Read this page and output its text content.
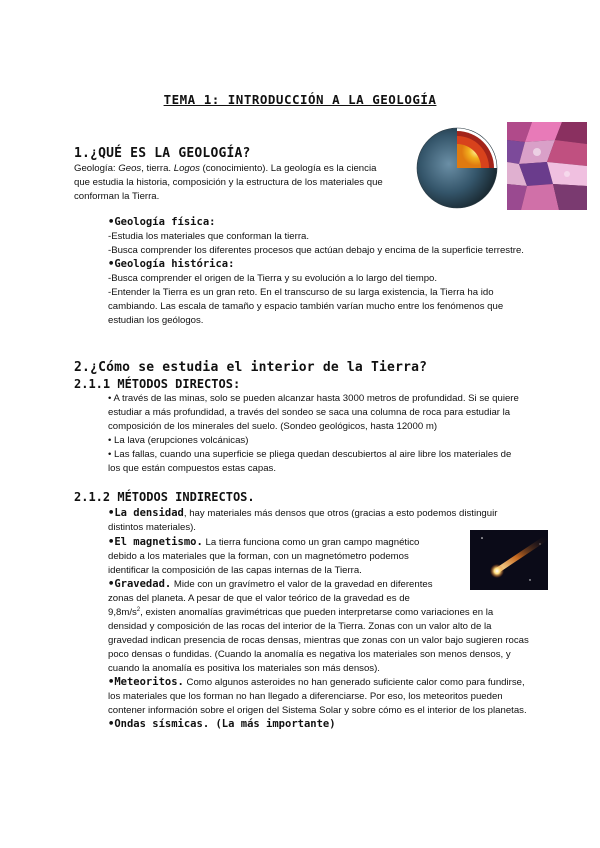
TEMA 1: INTRODUCCIÓN A LA GEOLOGÍA
1.¿QUÉ ES LA GEOLOGÍA?

Geología: Geos, tierra. Logos (conocimiento). La geología es la ciencia

que estudia la historia, composición y la estructura de los materiales que

conforman la Tierra.

•Geología física:

-Estudia los materiales que conforman la tierra.

-Busca comprender los diferentes procesos que actúan debajo y encima de la superficie terrestre.

•Geología histórica:

-Busca comprender el origen de la Tierra y su evolución a lo largo del tiempo.

-Entender la Tierra es un gran reto. En el transcurso de su larga existencia, la Tierra ha ido

cambiando. Las escala de tamaño y espacio también varían mucho entre los fenómenos que

estudian los geólogos.

2.¿Cómo se estudia el interior de la Tierra?
2.1.1 MÉTODOS DIRECTOS:

• A través de las minas, solo se pueden alcanzar hasta 3000 metros de profundidad. Si se quiere

estudiar a más profundidad, a través del sondeo se saca una columna de roca para estudiar la

composición de los minerales del suelo. (Sondeo geológicos, hasta 12000 m)

• La lava (erupciones volcánicas)

• Las fallas, cuando una superficie se pliega quedan descubiertos al aire libre los materiales de

los que están compuestos estas capas.

2.1.2 MÉTODOS INDIRECTOS.

•La densidad, hay materiales más densos que otros (gracias a esto podemos distinguir

distintos materiales).

•El magnetismo. La tierra funciona como un gran campo magnético

debido a los materiales que la forman, con un magnetómetro podemos

identificar la composición de las capas internas de la Tierra.

•Gravedad. Mide con un gravímetro el valor de la gravedad en diferentes

zonas del planeta. A pesar de que el valor teórico de la gravedad es de

$9,8m/s^2$, existen anomalías gravimétricas que pueden interpretarse como variaciones en la

densidad y composición de las rocas del interior de la Tierra. Zonas con un valor alto de la

gravedad indican presencia de rocas densas, mientras que zonas con un valor bajo sugieren rocas

poco densas o fundidas. (Cuando la anomalía es negativa los materiales son menos densos, y

cuando la anomalía es positiva los materiales son más densos).

•Meteoritos. Como algunos asteroides no han generado suficiente calor como para fundirse,

los materiales que los forman no han llegado a diferenciarse. Por eso, los meteoritos pueden

contener información sobre el origen del Sistema Solar y sobre cómo es el interior de los planetas.

•Ondas sísmicas. (La más importante)
